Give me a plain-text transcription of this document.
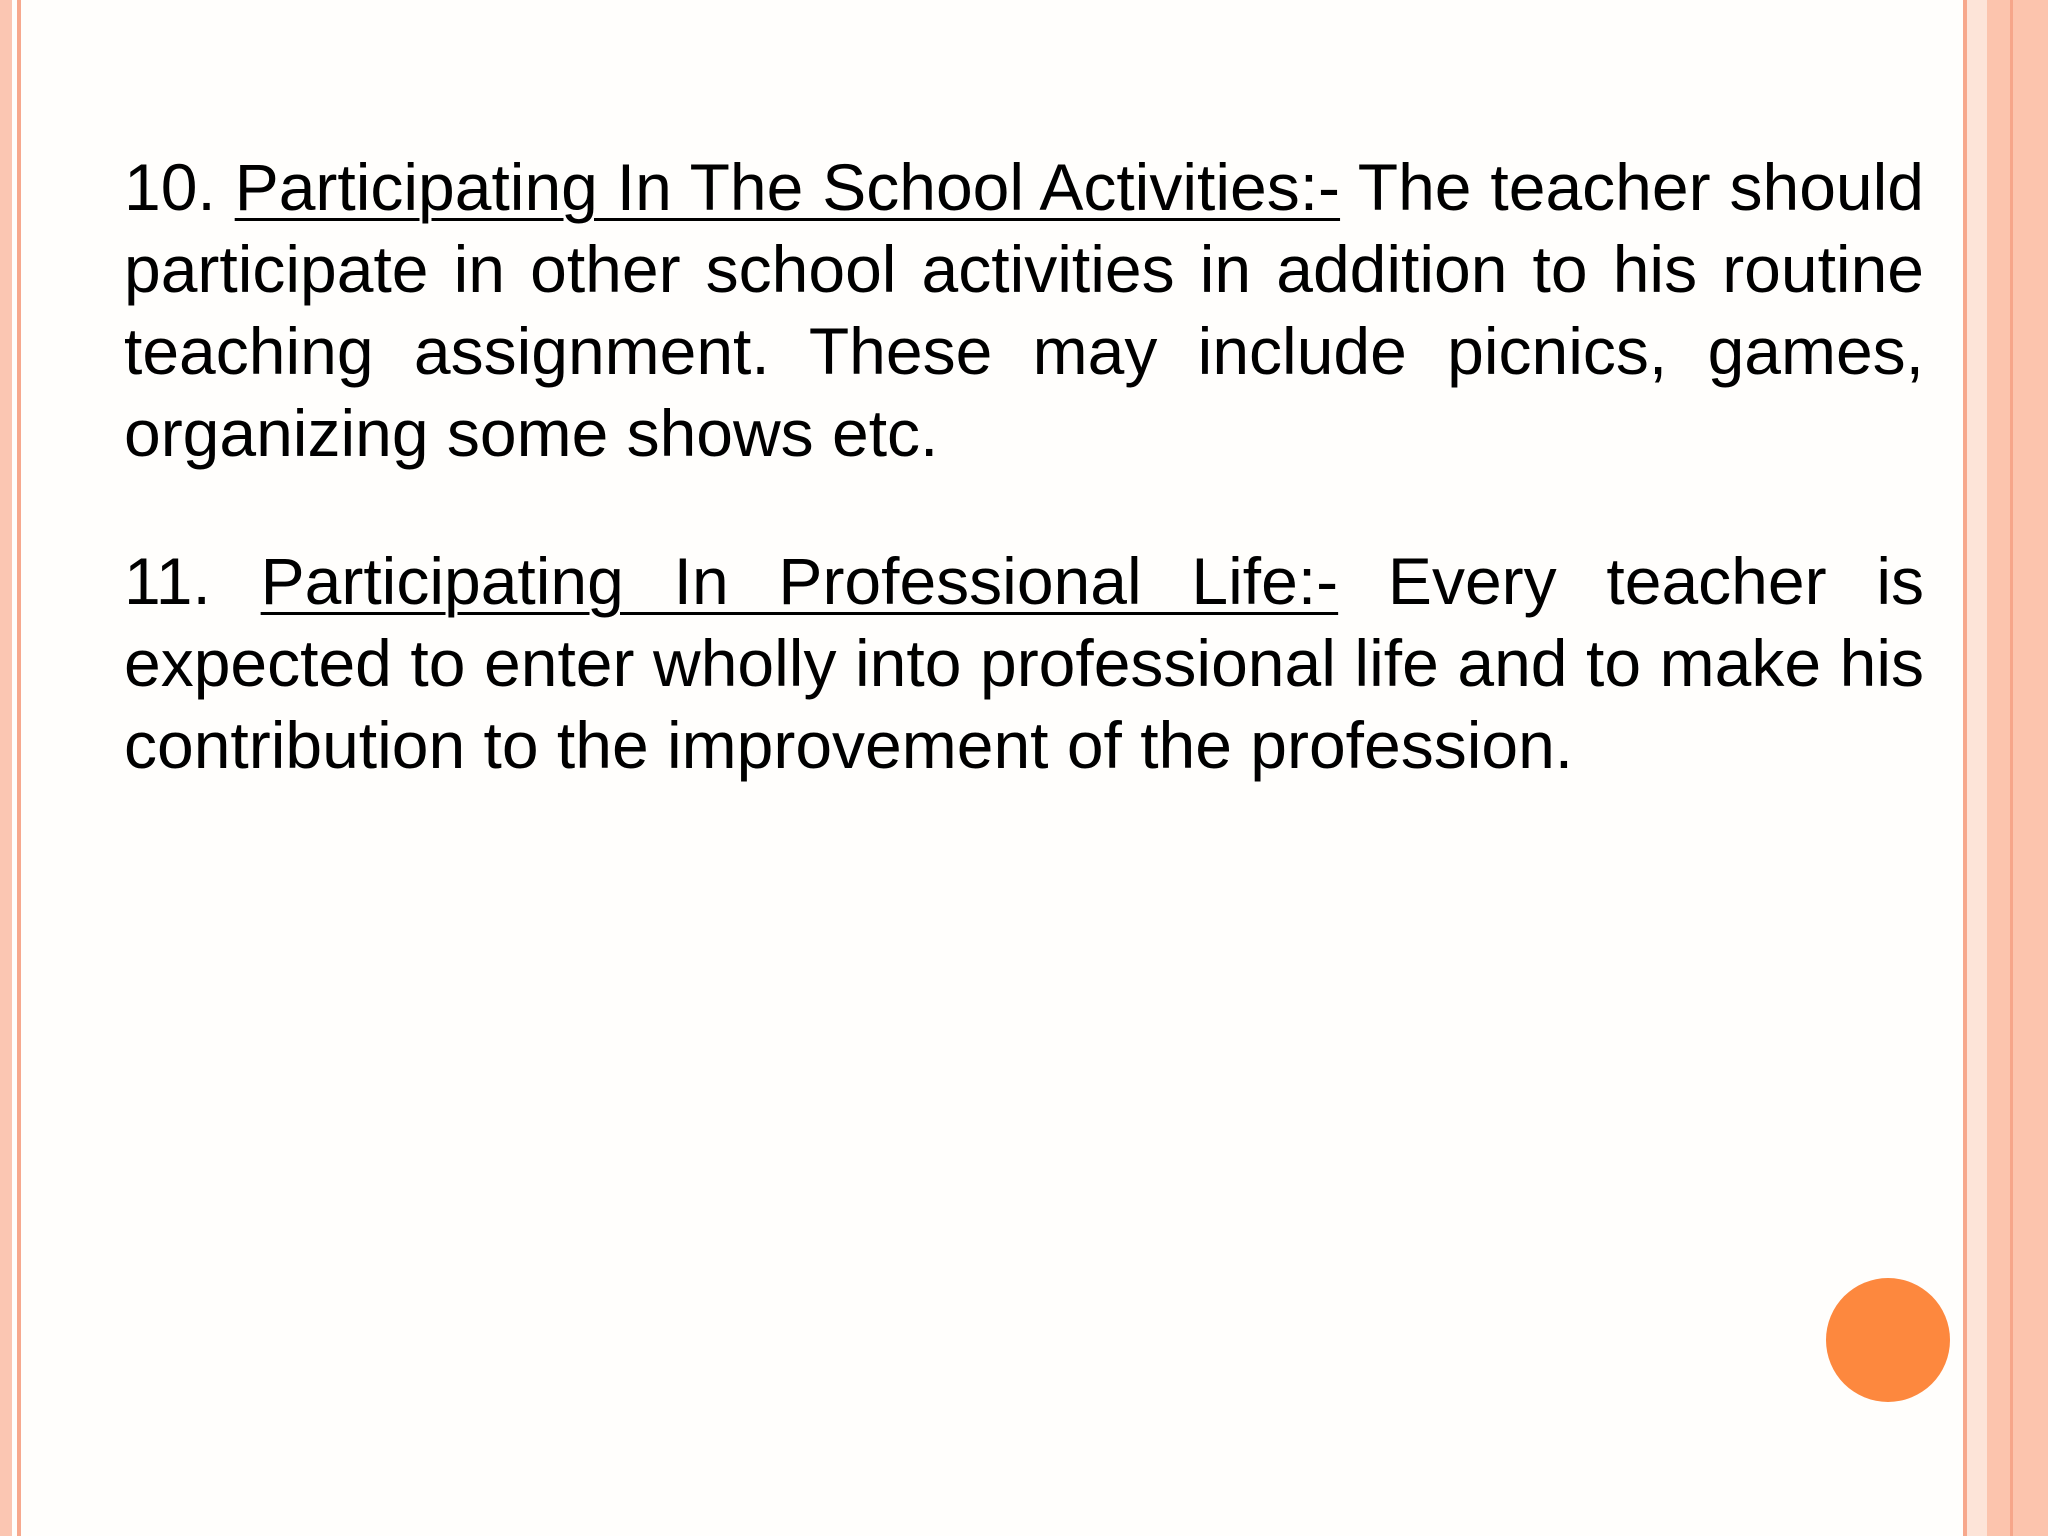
10. Participating In The School Activities:- The teacher should participate in other school activities in addition to his routine teaching assignment. These may include picnics, games, organizing some shows etc.

11. Participating In Professional Life:- Every teacher is expected to enter wholly into professional life and to make his contribution to the improvement of the profession.
